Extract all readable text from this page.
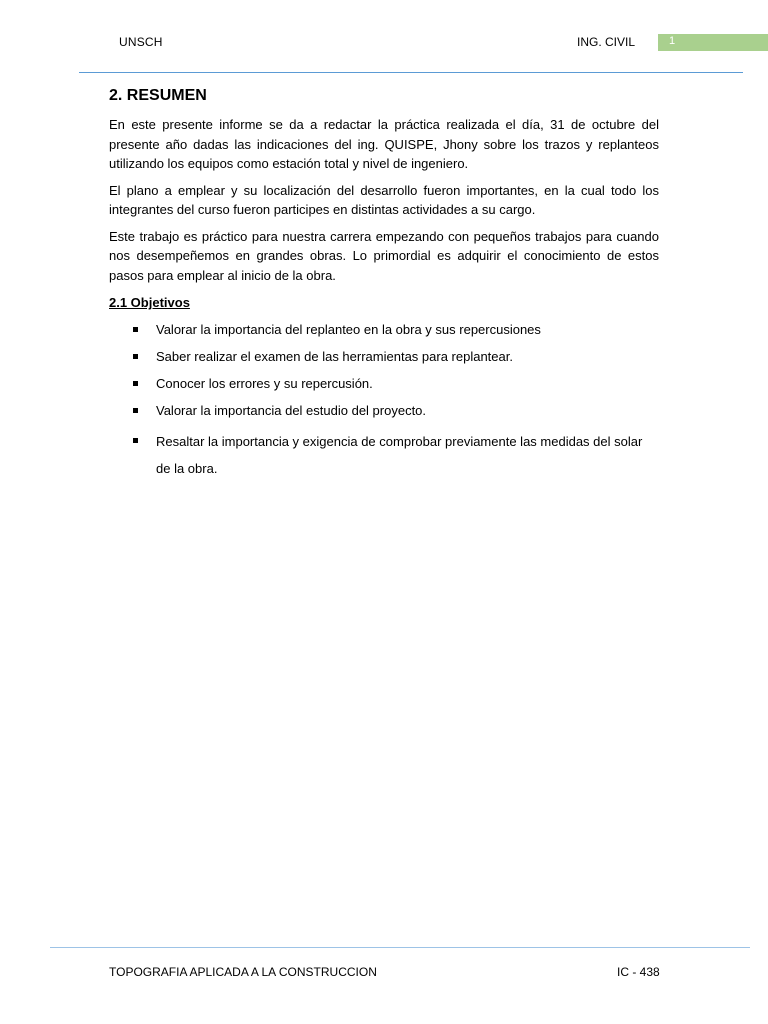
UNSCH	ING. CIVIL	1
2. RESUMEN

En este presente informe se da a redactar la práctica realizada el día, 31 de octubre del presente año dadas las indicaciones del ing. QUISPE, Jhony sobre los trazos y replanteos utilizando los equipos como estación total y nivel de ingeniero.

El plano a emplear y su localización del desarrollo fueron importantes, en la cual todo los integrantes del curso fueron participes en distintas actividades a su cargo.

Este trabajo es práctico para nuestra carrera empezando con pequeños trabajos para cuando nos desempeñemos en grandes obras. Lo primordial es adquirir el conocimiento de estos pasos para emplear al inicio de la obra.

2.1 Objetivos
Valorar la importancia del replanteo en la obra y sus repercusiones
Saber realizar el examen de las herramientas para replantear.
Conocer los errores y su repercusión.
Valorar la importancia del estudio del proyecto.
Resaltar la importancia y exigencia de comprobar previamente las medidas del solar de la obra.
TOPOGRAFIA APLICADA A LA CONSTRUCCION	IC - 438
